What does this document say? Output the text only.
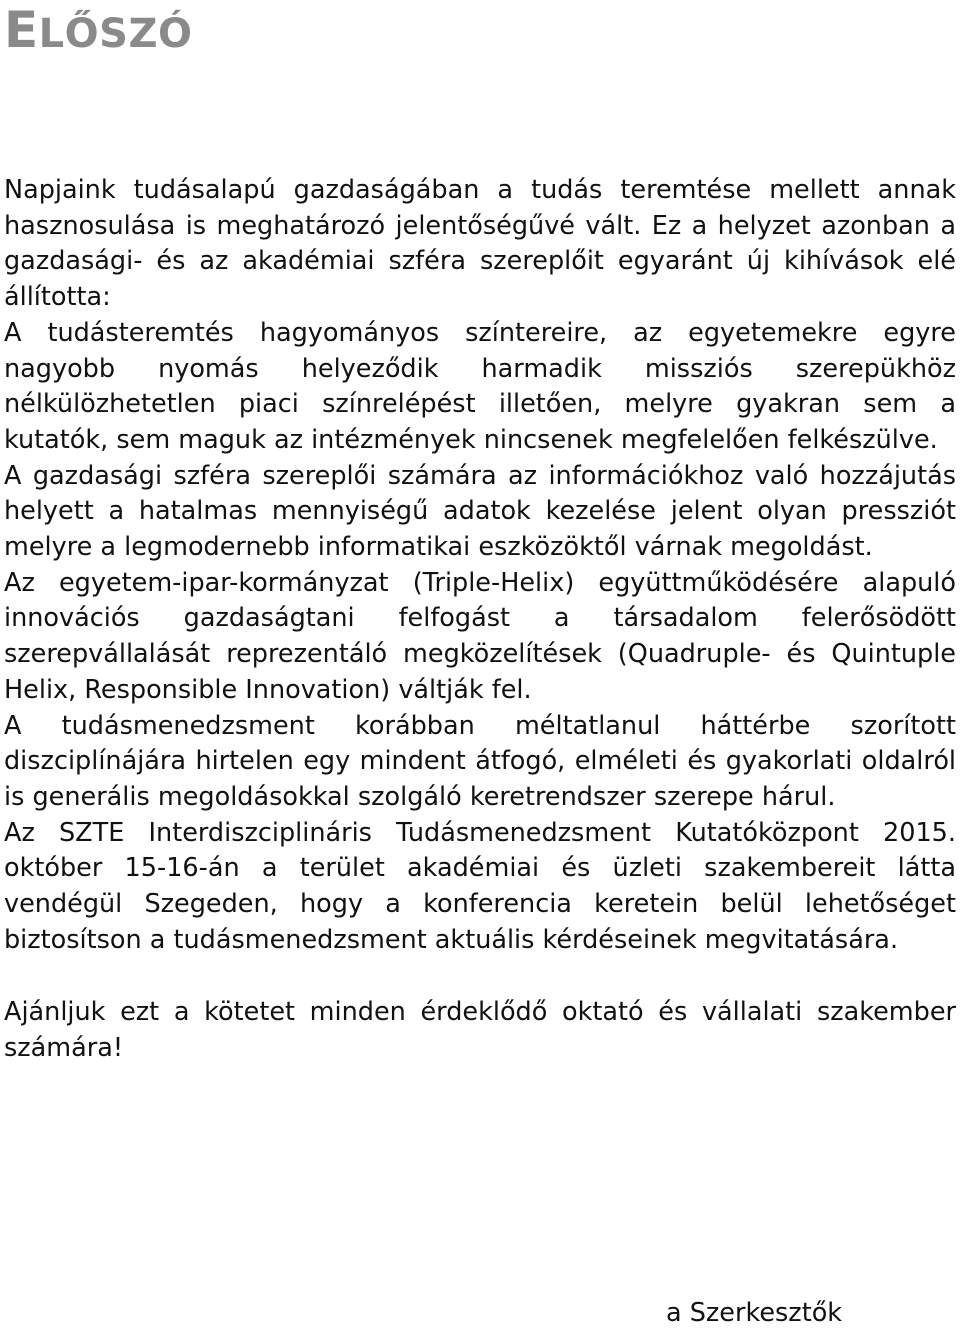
ELŐSZÓ

Napjaink tudásalapú gazdaságában a tudás teremtése mellett annak hasznosulása is meghatározó jelentőségűvé vált. Ez a helyzet azonban a gazdasági- és az akadémiai szféra szereplőit egyaránt új kihívások elé állította:

A tudásteremtés hagyományos színtereire, az egyetemekre egyre nagyobb nyomás helyeződik harmadik missziós szerepükhöz nélkülözhetetlen piaci színrelépést illetően, melyre gyakran sem a kutatók, sem maguk az intézmények nincsenek megfelelően felkészülve.

A gazdasági szféra szereplői számára az információkhoz való hozzájutás helyett a hatalmas mennyiségű adatok kezelése jelent olyan pressziót melyre a legmodernebb informatikai eszközöktől várnak megoldást.

Az egyetem-ipar-kormányzat (Triple-Helix) együttműködésére alapuló innovációs gazdaságtani felfogást a társadalom felerősödött szerepvállalását reprezentáló megközelítések (Quadruple- és Quintuple Helix, Responsible Innovation) váltják fel.

A tudásmenedzsment korábban méltatlanul háttérbe szorított diszciplínájára hirtelen egy mindent átfogó, elméleti és gyakorlati oldalról is generális megoldásokkal szolgáló keretrendszer szerepe hárul.

Az SZTE Interdiszciplináris Tudásmenedzsment Kutatóközpont 2015. október 15-16-án a terület akadémiai és üzleti szakembereit látta vendégül Szegeden, hogy a konferencia keretein belül lehetőséget biztosítson a tudásmenedzsment aktuális kérdéseinek megvitatására.

Ajánljuk ezt a kötetet minden érdeklődő oktató és vállalati szakember számára!

a Szerkesztők
